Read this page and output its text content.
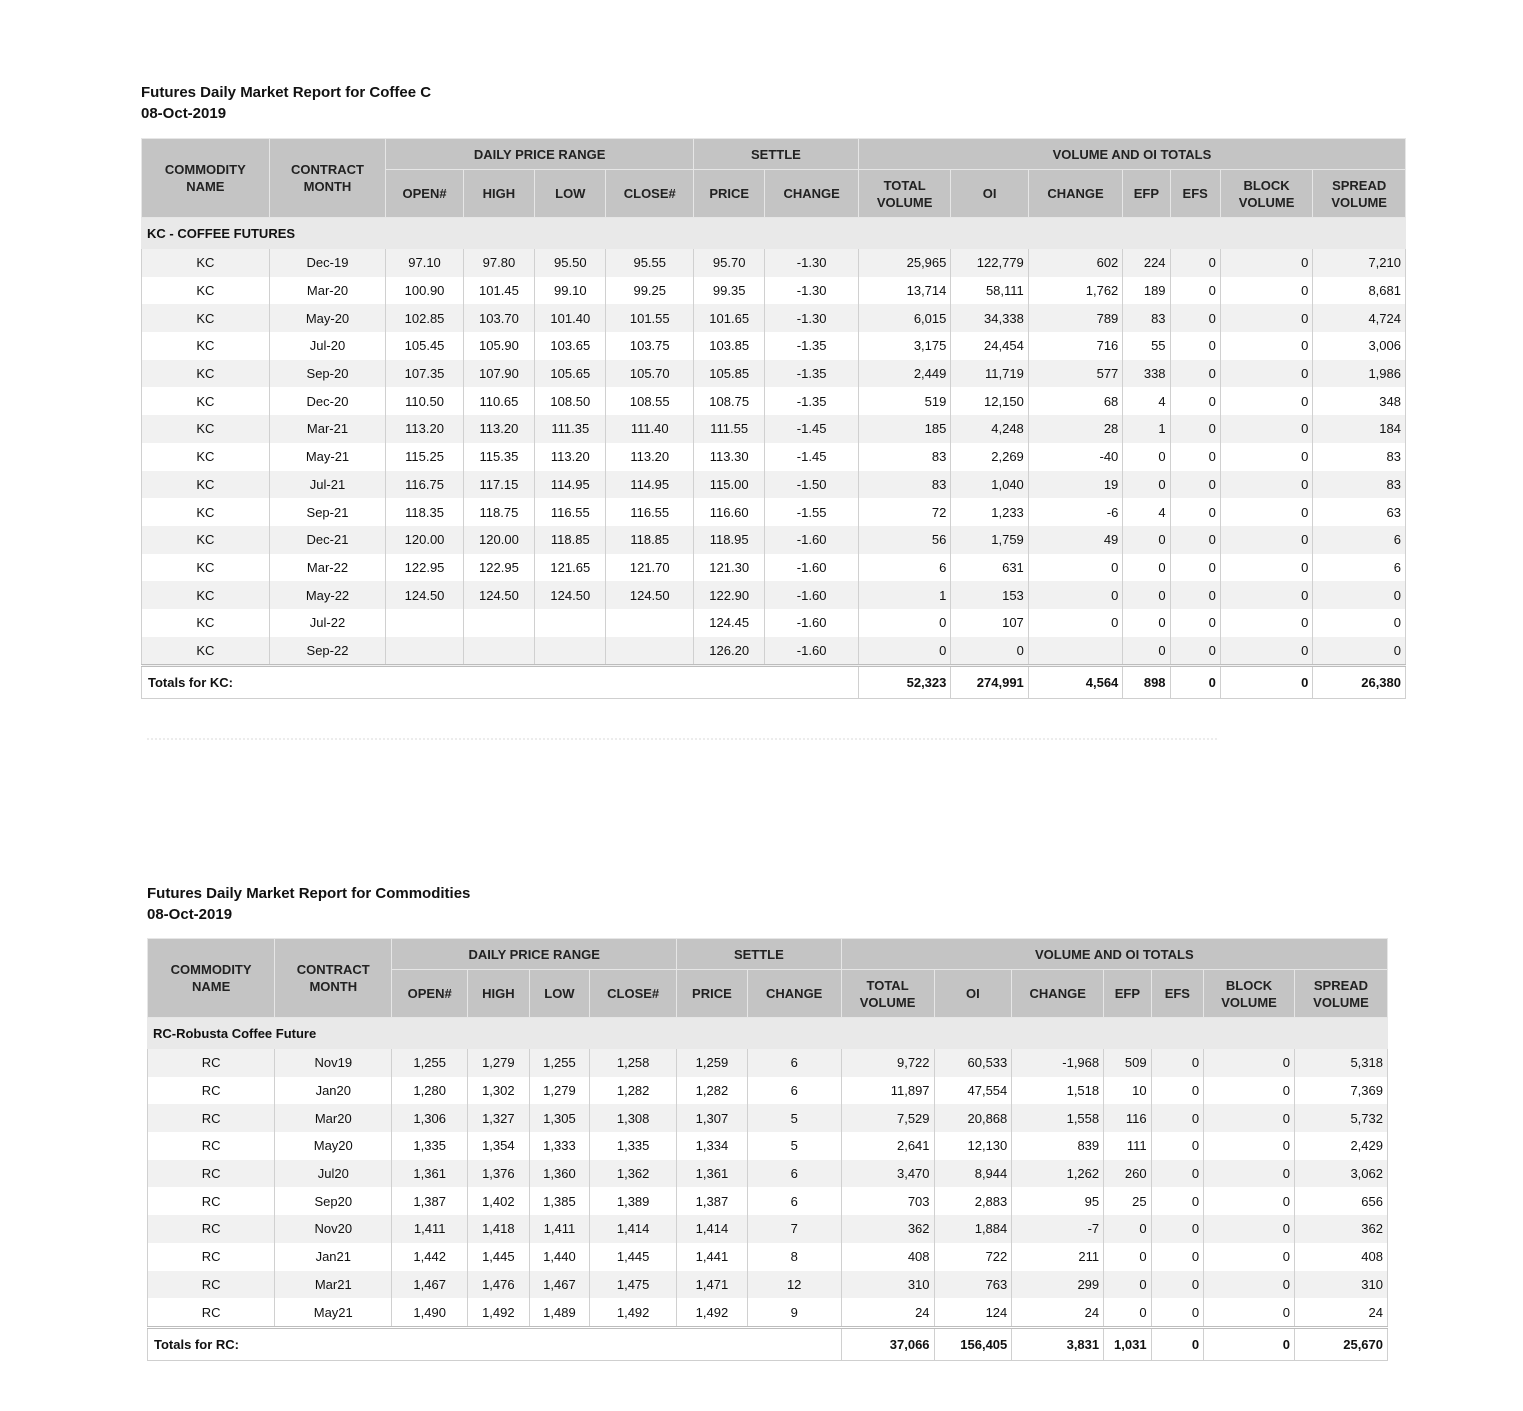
Futures Daily Market Report for Coffee C
08-Oct-2019
COMMODITY NAME	CONTRACT MONTH	DAILY PRICE RANGE				SETTLE		VOLUME AND OI TOTALS						
		OPEN#	HIGH	LOW	CLOSE#	PRICE	CHANGE	TOTAL VOLUME	OI	CHANGE	EFP	EFS	BLOCK VOLUME	SPREAD VOLUME
KC - COFFEE FUTURES														
KC	Dec-19	97.10	97.80	95.50	95.55	95.70	-1.30	25,965	122,779	602	224	0	0	7,210
KC	Mar-20	100.90	101.45	99.10	99.25	99.35	-1.30	13,714	58,111	1,762	189	0	0	8,681
KC	May-20	102.85	103.70	101.40	101.55	101.65	-1.30	6,015	34,338	789	83	0	0	4,724
KC	Jul-20	105.45	105.90	103.65	103.75	103.85	-1.35	3,175	24,454	716	55	0	0	3,006
KC	Sep-20	107.35	107.90	105.65	105.70	105.85	-1.35	2,449	11,719	577	338	0	0	1,986
KC	Dec-20	110.50	110.65	108.50	108.55	108.75	-1.35	519	12,150	68	4	0	0	348
KC	Mar-21	113.20	113.20	111.35	111.40	111.55	-1.45	185	4,248	28	1	0	0	184
KC	May-21	115.25	115.35	113.20	113.20	113.30	-1.45	83	2,269	-40	0	0	0	83
KC	Jul-21	116.75	117.15	114.95	114.95	115.00	-1.50	83	1,040	19	0	0	0	83
KC	Sep-21	118.35	118.75	116.55	116.55	116.60	-1.55	72	1,233	-6	4	0	0	63
KC	Dec-21	120.00	120.00	118.85	118.85	118.95	-1.60	56	1,759	49	0	0	0	6
KC	Mar-22	122.95	122.95	121.65	121.70	121.30	-1.60	6	631	0	0	0	0	6
KC	May-22	124.50	124.50	124.50	124.50	122.90	-1.60	1	153	0	0	0	0	0
KC	Jul-22					124.45	-1.60	0	107	0	0	0	0	0
KC	Sep-22					126.20	-1.60	0	0		0	0	0	0
Totals for KC:								52,323	274,991	4,564	898	0	0	26,380
Futures Daily Market Report for Commodities
08-Oct-2019
COMMODITY NAME	CONTRACT MONTH	DAILY PRICE RANGE				SETTLE		VOLUME AND OI TOTALS						
		OPEN#	HIGH	LOW	CLOSE#	PRICE	CHANGE	TOTAL VOLUME	OI	CHANGE	EFP	EFS	BLOCK VOLUME	SPREAD VOLUME
RC-Robusta Coffee Future														
RC	Nov19	1,255	1,279	1,255	1,258	1,259	6	9,722	60,533	-1,968	509	0	0	5,318
RC	Jan20	1,280	1,302	1,279	1,282	1,282	6	11,897	47,554	1,518	10	0	0	7,369
RC	Mar20	1,306	1,327	1,305	1,308	1,307	5	7,529	20,868	1,558	116	0	0	5,732
RC	May20	1,335	1,354	1,333	1,335	1,334	5	2,641	12,130	839	111	0	0	2,429
RC	Jul20	1,361	1,376	1,360	1,362	1,361	6	3,470	8,944	1,262	260	0	0	3,062
RC	Sep20	1,387	1,402	1,385	1,389	1,387	6	703	2,883	95	25	0	0	656
RC	Nov20	1,411	1,418	1,411	1,414	1,414	7	362	1,884	-7	0	0	0	362
RC	Jan21	1,442	1,445	1,440	1,445	1,441	8	408	722	211	0	0	0	408
RC	Mar21	1,467	1,476	1,467	1,475	1,471	12	310	763	299	0	0	0	310
RC	May21	1,490	1,492	1,489	1,492	1,492	9	24	124	24	0	0	0	24
Totals for RC:								37,066	156,405	3,831	1,031	0	0	25,670
